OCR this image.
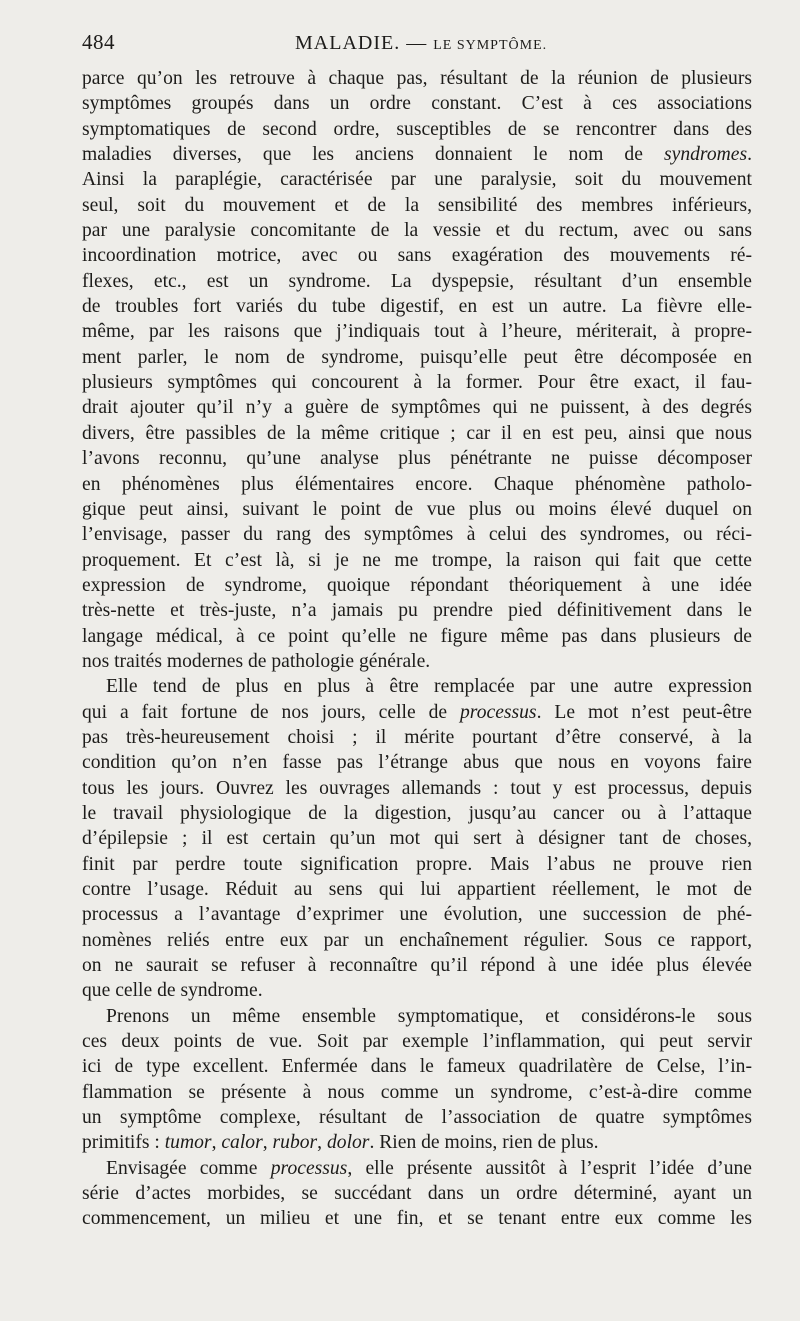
484	MALADIE. — LE SYMPTÔME.
parce qu’on les retrouve à chaque pas, résultant de la réunion de plusieurs
symptômes groupés dans un ordre constant. C’est à ces associations
symptomatiques de second ordre, susceptibles de se rencontrer dans des
maladies diverses, que les anciens donnaient le nom de syndromes.
Ainsi la paraplégie, caractérisée par une paralysie, soit du mouvement
seul, soit du mouvement et de la sensibilité des membres inférieurs,
par une paralysie concomitante de la vessie et du rectum, avec ou sans
incoordination motrice, avec ou sans exagération des mouvements ré-
flexes, etc., est un syndrome. La dyspepsie, résultant d’un ensemble
de troubles fort variés du tube digestif, en est un autre. La fièvre elle-
même, par les raisons que j’indiquais tout à l’heure, mériterait, à propre-
ment parler, le nom de syndrome, puisqu’elle peut être décomposée en
plusieurs symptômes qui concourent à la former. Pour être exact, il fau-
drait ajouter qu’il n’y a guère de symptômes qui ne puissent, à des degrés
divers, être passibles de la même critique ; car il en est peu, ainsi que nous
l’avons reconnu, qu’une analyse plus pénétrante ne puisse décomposer
en phénomènes plus élémentaires encore. Chaque phénomène patholo-
gique peut ainsi, suivant le point de vue plus ou moins élevé duquel on
l’envisage, passer du rang des symptômes à celui des syndromes, ou réci-
proquement. Et c’est là, si je ne me trompe, la raison qui fait que cette
expression de syndrome, quoique répondant théoriquement à une idée
très-nette et très-juste, n’a jamais pu prendre pied définitivement dans le
langage médical, à ce point qu’elle ne figure même pas dans plusieurs de
nos traités modernes de pathologie générale.
Elle tend de plus en plus à être remplacée par une autre expression
qui a fait fortune de nos jours, celle de processus. Le mot n’est peut-être
pas très-heureusement choisi ; il mérite pourtant d’être conservé, à la
condition qu’on n’en fasse pas l’étrange abus que nous en voyons faire
tous les jours. Ouvrez les ouvrages allemands : tout y est processus, depuis
le travail physiologique de la digestion, jusqu’au cancer ou à l’attaque
d’épilepsie ; il est certain qu’un mot qui sert à désigner tant de choses,
finit par perdre toute signification propre. Mais l’abus ne prouve rien
contre l’usage. Réduit au sens qui lui appartient réellement, le mot de
processus a l’avantage d’exprimer une évolution, une succession de phé-
nomènes reliés entre eux par un enchaînement régulier. Sous ce rapport,
on ne saurait se refuser à reconnaître qu’il répond à une idée plus élevée
que celle de syndrome.
Prenons un même ensemble symptomatique, et considérons-le sous
ces deux points de vue. Soit par exemple l’inflammation, qui peut servir
ici de type excellent. Enfermée dans le fameux quadrilatère de Celse, l’in-
flammation se présente à nous comme un syndrome, c’est-à-dire comme
un symptôme complexe, résultant de l’association de quatre symptômes
primitifs : tumor, calor, rubor, dolor. Rien de moins, rien de plus.
Envisagée comme processus, elle présente aussitôt à l’esprit l’idée d’une
série d’actes morbides, se succédant dans un ordre déterminé, ayant un
commencement, un milieu et une fin, et se tenant entre eux comme les
